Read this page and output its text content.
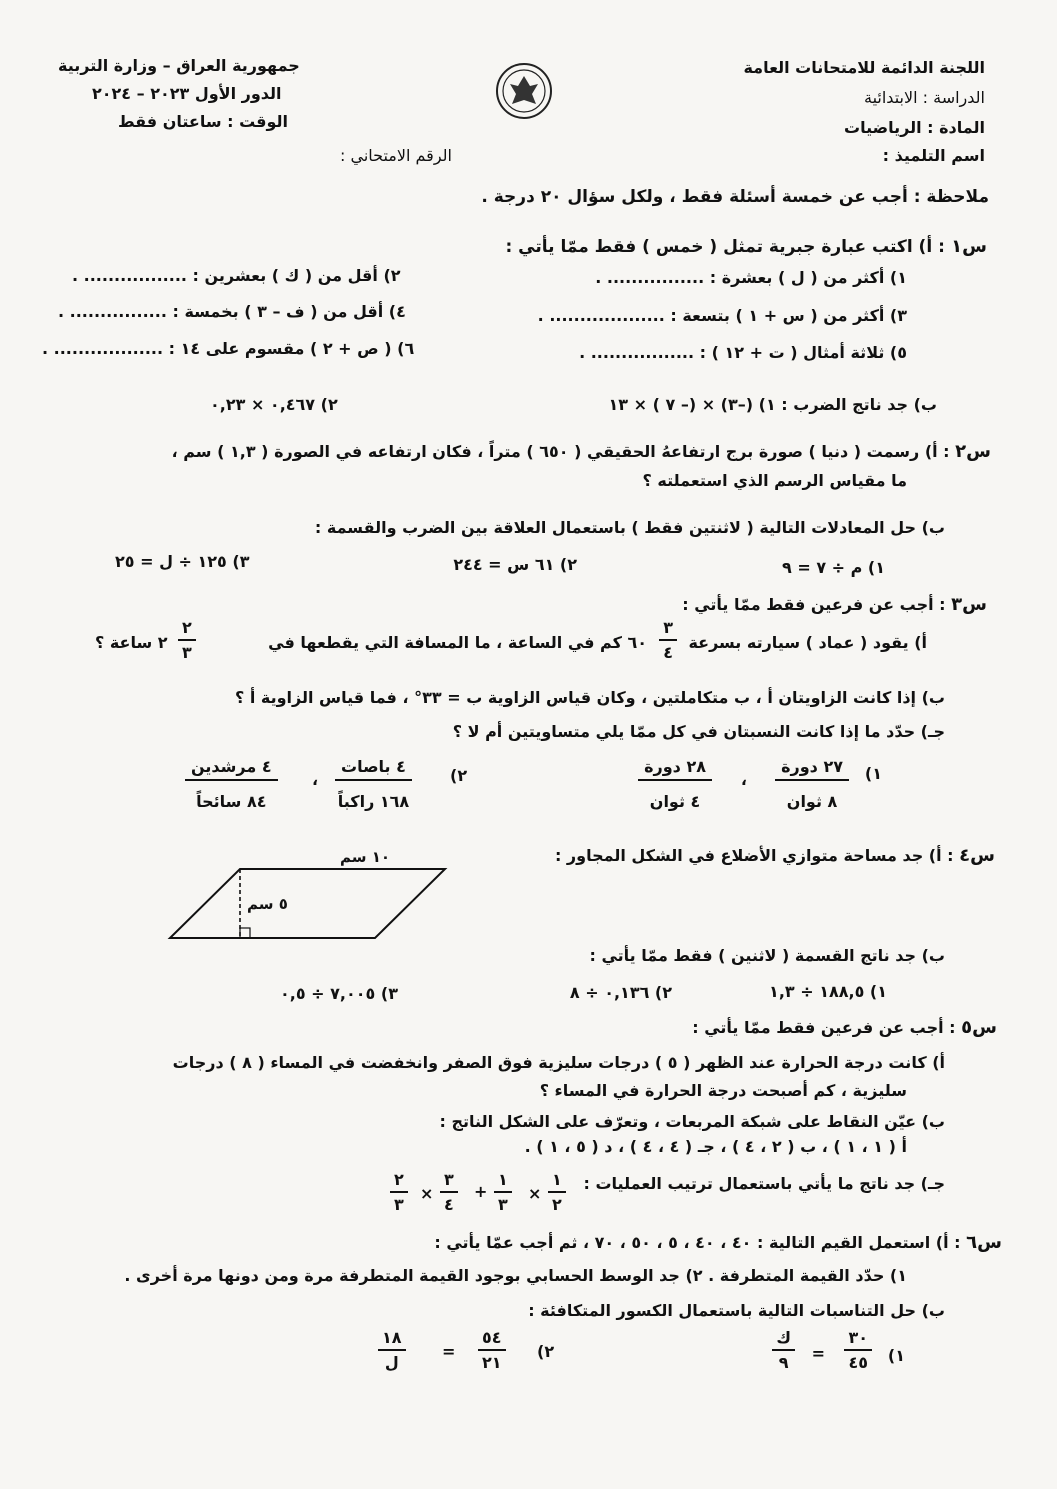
اللجنة الدائمة للامتحانات العامة
الدراسة : الابتدائية
المادة : الرياضيات
اسم التلميذ :
جمهورية العراق – وزارة التربية
الدور الأول ٢٠٢٣ – ٢٠٢٤
الوقت : ساعتان فقط
الرقم الامتحاني :
ملاحظة : أجب عن خمسة أسئلة فقط ، ولكل سؤال ٢٠ درجة .
س١ : أ) اكتب عبارة جبرية تمثل ( خمس ) فقط ممّا يأتي :
١) أكثر من ( ل ) بعشرة : ................ .
٢) أقل من ( ك ) بعشرين : ................. .
٣) أكثر من ( س + ١ ) بتسعة : ................... .
٤) أقل من ( ف – ٣ ) بخمسة : ................ .
٥) ثلاثة أمثال ( ت + ١٢ ) : ................. .
٦) ( ص + ٢ ) مقسوم على ١٤ : .................. .
ب) جد ناتج الضرب : ١) (–٣) × (– ٧ ) × ١٣
٢) ٠,٤٦٧ × ٠,٢٣
س٢ : أ) رسمت ( دنيا ) صورة برج ارتفاعهُ الحقيقي ( ٦٥٠ ) متراً ، فكان ارتفاعه في الصورة ( ١,٣ ) سم ،
ما مقياس الرسم الذي استعملته ؟
ب) حل المعادلات التالية ( لاثنتين فقط ) باستعمال العلاقة بين الضرب والقسمة :
١) م ÷ ٧ = ٩
٢) ٦١ س = ٢٤٤
٣) ١٢٥ ÷ ل = ٢٥
س٣ : أجب عن فرعين فقط ممّا يأتي :
أ) يقود ( عماد ) سيارته بسرعة
٣
٤
٦٠ كم في الساعة ، ما المسافة التي يقطعها في
٢
٣
٢ ساعة ؟
ب) إذا كانت الزاويتان أ ، ب متكاملتين ، وكان قياس الزاوية ب = ٣٣° ، فما قياس الزاوية أ ؟
جـ) حدّد ما إذا كانت النسبتان في كل ممّا يلي متساويتين أم لا ؟
١)
٢٧ دورة
٨ ثوان
،
٢٨ دورة
٤ ثوان
٢)
٤ باصات
١٦٨ راكباً
،
٤ مرشدين
٨٤ سائحاً
س٤ : أ) جد مساحة متوازي الأضلاع في الشكل المجاور :
١٠ سم
٥ سم
ب) جد ناتج القسمة ( لاثنين ) فقط ممّا يأتي :
١) ١٨٨,٥ ÷ ١,٣
٢) ٠,١٣٦ ÷ ٨
٣) ٧,٠٠٥ ÷ ٠,٥
س٥ : أجب عن فرعين فقط ممّا يأتي :
أ) كانت درجة الحرارة عند الظهر ( ٥ ) درجات سليزية فوق الصفر وانخفضت في المساء ( ٨ ) درجات
سليزية ، كم أصبحت درجة الحرارة في المساء ؟
ب) عيّن النقاط على شبكة المربعات ، وتعرّف على الشكل الناتج :
أ ( ١ ، ١ ) ، ب ( ٢ ، ٤ ) ، جـ ( ٤ ، ٤ ) ، د ( ٥ ، ١ ) .
جـ) جد ناتج ما يأتي باستعمال ترتيب العمليات :
١
٢
×
١
٣
+
٣
٤
×
٢
٣
س٦ : أ) استعمل القيم التالية : ٤٠ ، ٤٠ ، ٥ ، ٥٠ ، ٧٠ ، ثم أجب عمّا يأتي :
١) حدّد القيمة المتطرفة . ٢) جد الوسط الحسابي بوجود القيمة المتطرفة مرة ومن دونها مرة أخرى .
ب) حل التناسبات التالية باستعمال الكسور المتكافئة :
١)
٣٠
٤٥
=
ك
٩
٢)
٥٤
٢١
=
١٨
ل
